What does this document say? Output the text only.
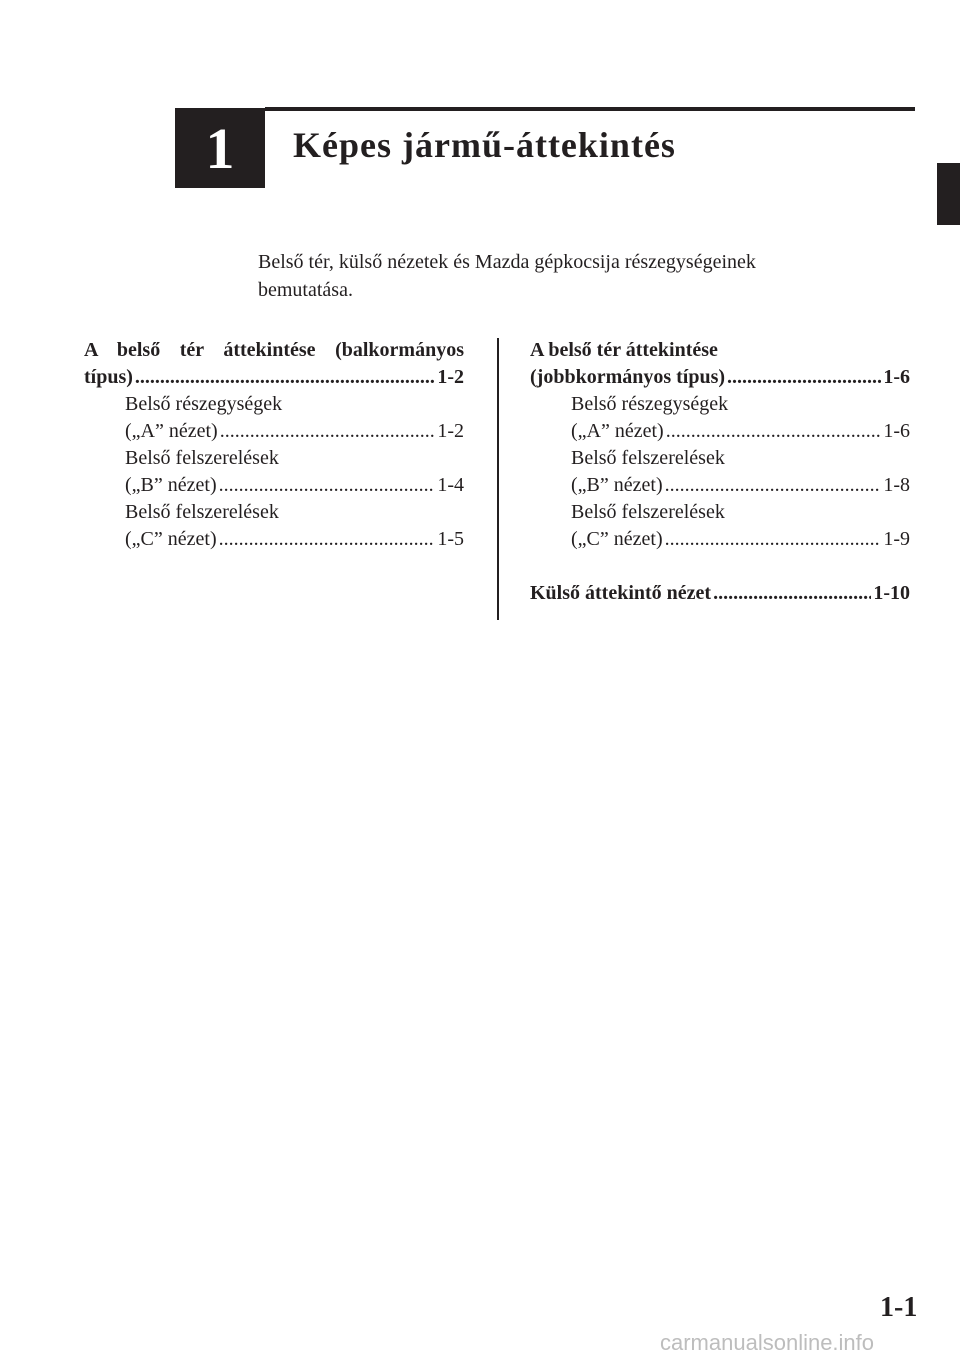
1 Képes jármű-áttekintés
Belső tér, külső nézetek és Mazda gépkocsija részegységeinek
bemutatása.
A belső tér áttekintése (balkormányos
típus) .....	1-2
Belső részegységek
(„A” nézet) .....	1-2
Belső felszerelések
(„B” nézet) .....	1-4
Belső felszerelések
(„C” nézet) .....	1-5
A belső tér áttekintése
(jobbkormányos típus) .....	1-6
Belső részegységek
(„A” nézet) .....	1-6
Belső felszerelések
(„B” nézet) .....	1-8
Belső felszerelések
(„C” nézet) .....	1-9
Külső áttekintő nézet .....	1-10
1-1
carmanualsonline.info
